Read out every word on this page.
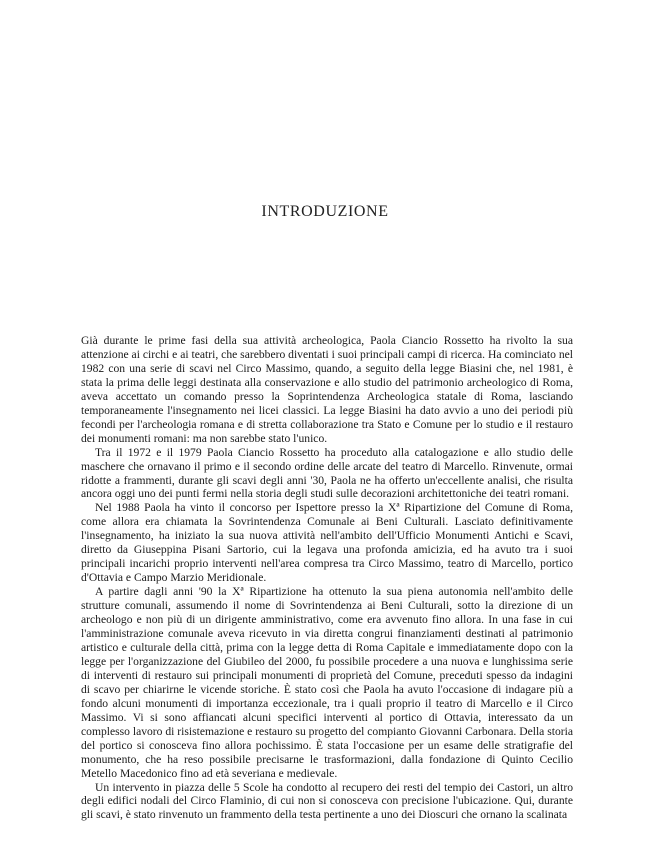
INTRODUZIONE

Già durante le prime fasi della sua attività archeologica, Paola Ciancio Rossetto ha rivolto la sua attenzione ai circhi e ai teatri, che sarebbero diventati i suoi principali campi di ricerca. Ha cominciato nel 1982 con una serie di scavi nel Circo Massimo, quando, a seguito della legge Biasini che, nel 1981, è stata la prima delle leggi destinata alla conservazione e allo studio del patrimonio archeologico di Roma, aveva accettato un comando presso la Soprintendenza Archeologica statale di Roma, lasciando temporaneamente l'insegnamento nei licei classici. La legge Biasini ha dato avvio a uno dei periodi più fecondi per l'archeologia romana e di stretta collaborazione tra Stato e Comune per lo studio e il restauro dei monumenti romani: ma non sarebbe stato l'unico.

Tra il 1972 e il 1979 Paola Ciancio Rossetto ha proceduto alla catalogazione e allo studio delle maschere che ornavano il primo e il secondo ordine delle arcate del teatro di Marcello. Rinvenute, ormai ridotte a frammenti, durante gli scavi degli anni '30, Paola ne ha offerto un'eccellente analisi, che risulta ancora oggi uno dei punti fermi nella storia degli studi sulle decorazioni architettoniche dei teatri romani.

Nel 1988 Paola ha vinto il concorso per Ispettore presso la Xª Ripartizione del Comune di Roma, come allora era chiamata la Sovrintendenza Comunale ai Beni Culturali. Lasciato definitivamente l'insegnamento, ha iniziato la sua nuova attività nell'ambito dell'Ufficio Monumenti Antichi e Scavi, diretto da Giuseppina Pisani Sartorio, cui la legava una profonda amicizia, ed ha avuto tra i suoi principali incarichi proprio interventi nell'area compresa tra Circo Massimo, teatro di Marcello, portico d'Ottavia e Campo Marzio Meridionale.

A partire dagli anni '90 la Xª Ripartizione ha ottenuto la sua piena autonomia nell'ambito delle strutture comunali, assumendo il nome di Sovrintendenza ai Beni Culturali, sotto la direzione di un archeologo e non più di un dirigente amministrativo, come era avvenuto fino allora. In una fase in cui l'amministrazione comunale aveva ricevuto in via diretta congrui finanziamenti destinati al patrimonio artistico e culturale della città, prima con la legge detta di Roma Capitale e immediatamente dopo con la legge per l'organizzazione del Giubileo del 2000, fu possibile procedere a una nuova e lunghissima serie di interventi di restauro sui principali monumenti di proprietà del Comune, preceduti spesso da indagini di scavo per chiarirne le vicende storiche. È stato così che Paola ha avuto l'occasione di indagare più a fondo alcuni monumenti di importanza eccezionale, tra i quali proprio il teatro di Marcello e il Circo Massimo. Vi si sono affiancati alcuni specifici interventi al portico di Ottavia, interessato da un complesso lavoro di risistemazione e restauro su progetto del compianto Giovanni Carbonara. Della storia del portico si conosceva fino allora pochissimo. È stata l'occasione per un esame delle stratigrafie del monumento, che ha reso possibile precisarne le trasformazioni, dalla fondazione di Quinto Cecilio Metello Macedonico fino ad età severiana e medievale.

Un intervento in piazza delle 5 Scole ha condotto al recupero dei resti del tempio dei Castori, un altro degli edifici nodali del Circo Flaminio, di cui non si conosceva con precisione l'ubicazione. Qui, durante gli scavi, è stato rinvenuto un frammento della testa pertinente a uno dei Dioscuri che ornano la scalinata
